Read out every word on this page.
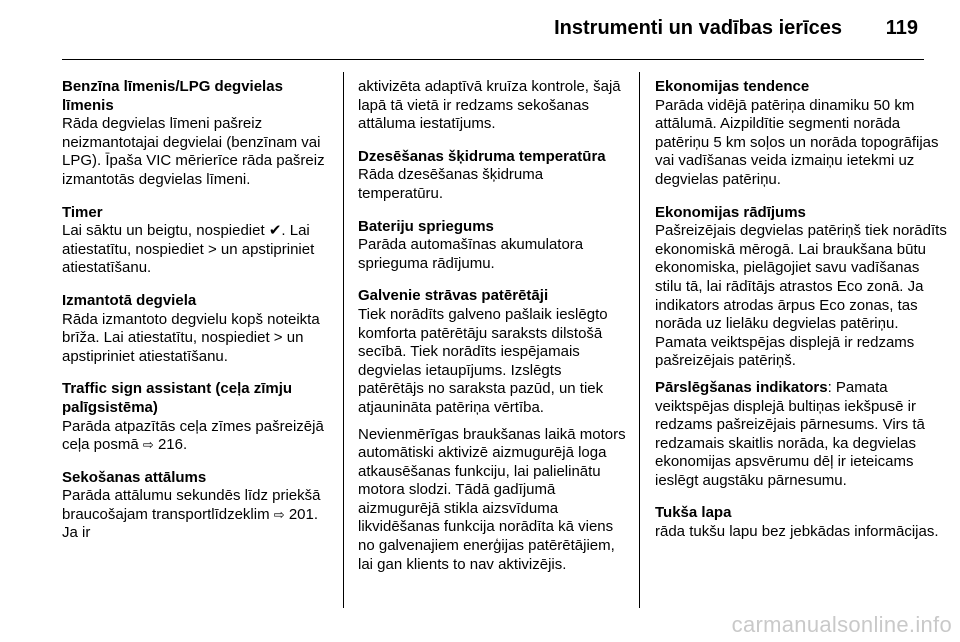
Instrumenti un vadības ierīces 119
Benzīna līmenis/LPG degvielas līmenis

Rāda degvielas līmeni pašreiz neizmantotajai degvielai (benzīnam vai LPG). Īpaša VIC mērierīce rāda pašreiz izmantotās degvielas līmeni.

Timer

Lai sāktu un beigtu, nospiediet ✔. Lai atiestatītu, nospiediet > un apstipriniet atiestatīšanu.

Izmantotā degviela

Rāda izmantoto degvielu kopš noteikta brīža. Lai atiestatītu, nospiediet > un apstipriniet atiestatīšanu.

Traffic sign assistant (ceļa zīmju palīgsistēma)

Parāda atpazītās ceļa zīmes pašreizējā ceļa posmā ⇨ 216.

Sekošanas attālums

Parāda attālumu sekundēs līdz priekšā braucošajam transportlīdzeklim ⇨ 201. Ja ir

aktivizēta adaptīvā kruīza kontrole, šajā lapā tā vietā ir redzams sekošanas attāluma iestatījums.

Dzesēšanas šķidruma temperatūra

Rāda dzesēšanas šķidruma temperatūru.

Bateriju spriegums

Parāda automašīnas akumulatora sprieguma rādījumu.

Galvenie strāvas patērētāji

Tiek norādīts galveno pašlaik ieslēgto komforta patērētāju saraksts dilstošā secībā. Tiek norādīts iespējamais degvielas ietaupījums. Izslēgts patērētājs no saraksta pazūd, un tiek atjaunināta patēriņa vērtība.

Nevienmērīgas braukšanas laikā motors automātiski aktivizē aizmugurējā loga atkausēšanas funkciju, lai palielinātu motora slodzi. Tādā gadījumā aizmugurējā stikla aizsvīduma likvidēšanas funkcija norādīta kā viens no galvenajiem enerģijas patērētājiem, lai gan klients to nav aktivizējis.

Ekonomijas tendence

Parāda vidējā patēriņa dinamiku 50 km attālumā. Aizpildītie segmenti norāda patēriņu 5 km soļos un norāda topogrāfijas vai vadīšanas veida izmaiņu ietekmi uz degvielas patēriņu.

Ekonomijas rādījums

Pašreizējais degvielas patēriņš tiek norādīts ekonomiskā mērogā. Lai braukšana būtu ekonomiska, pielāgojiet savu vadīšanas stilu tā, lai rādītājs atrastos Eco zonā. Ja indikators atrodas ārpus Eco zonas, tas norāda uz lielāku degvielas patēriņu. Pamata veiktspējas displejā ir redzams pašreizējais patēriņš.

Pārslēgšanas indikators: Pamata veiktspējas displejā bultiņas iekšpusē ir redzams pašreizējais pārnesums. Virs tā redzamais skaitlis norāda, ka degvielas ekonomijas apsvērumu dēļ ir ieteicams ieslēgt augstāku pārnesumu.

Tukša lapa

rāda tukšu lapu bez jebkādas informācijas.

carmanualsonline.info
